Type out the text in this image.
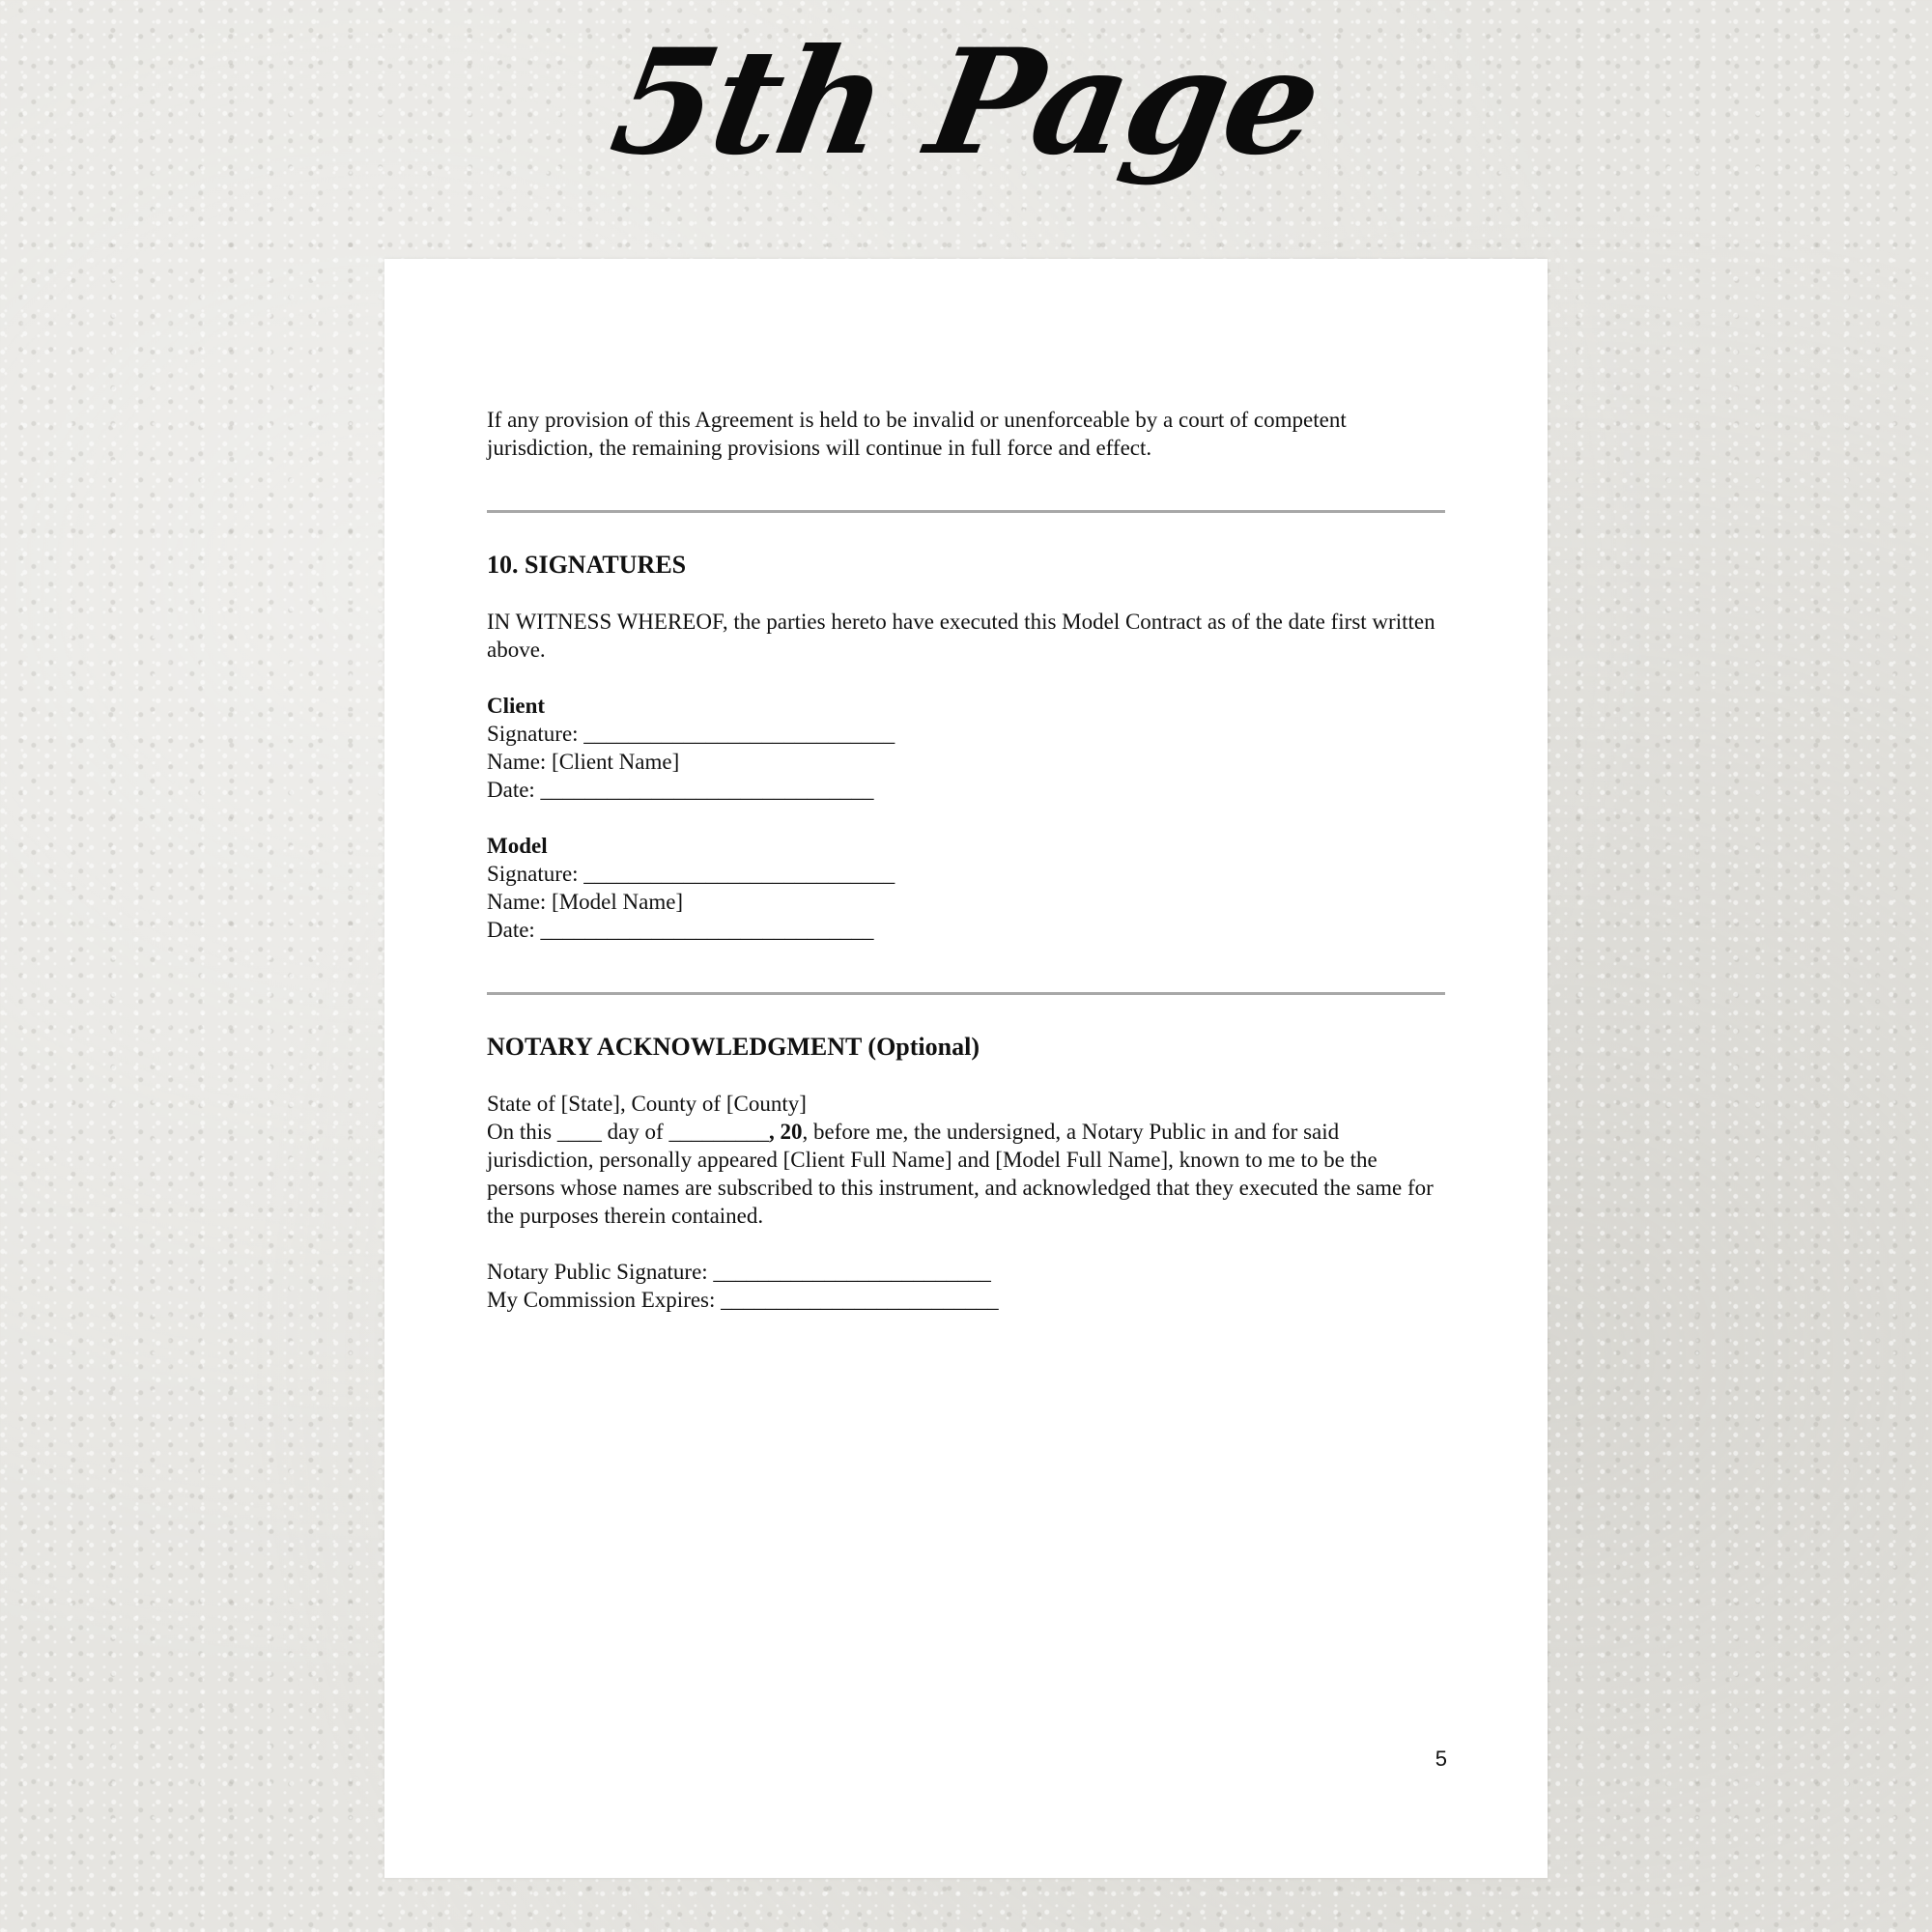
5th Page

If any provision of this Agreement is held to be invalid or unenforceable by a court of competent jurisdiction, the remaining provisions will continue in full force and effect.

10. SIGNATURES

IN WITNESS WHEREOF, the parties hereto have executed this Model Contract as of the date first written above.

Client

Signature: ____________________________

Name: [Client Name]

Date: ______________________________

Model

Signature: ____________________________

Name: [Model Name]

Date: ______________________________

NOTARY ACKNOWLEDGMENT (Optional)

State of [State], County of [County]

On this ____ day of _________, 20, before me, the undersigned, a Notary Public in and for said jurisdiction, personally appeared [Client Full Name] and [Model Full Name], known to me to be the persons whose names are subscribed to this instrument, and acknowledged that they executed the same for the purposes therein contained.

Notary Public Signature: _________________________

My Commission Expires: _________________________

5
